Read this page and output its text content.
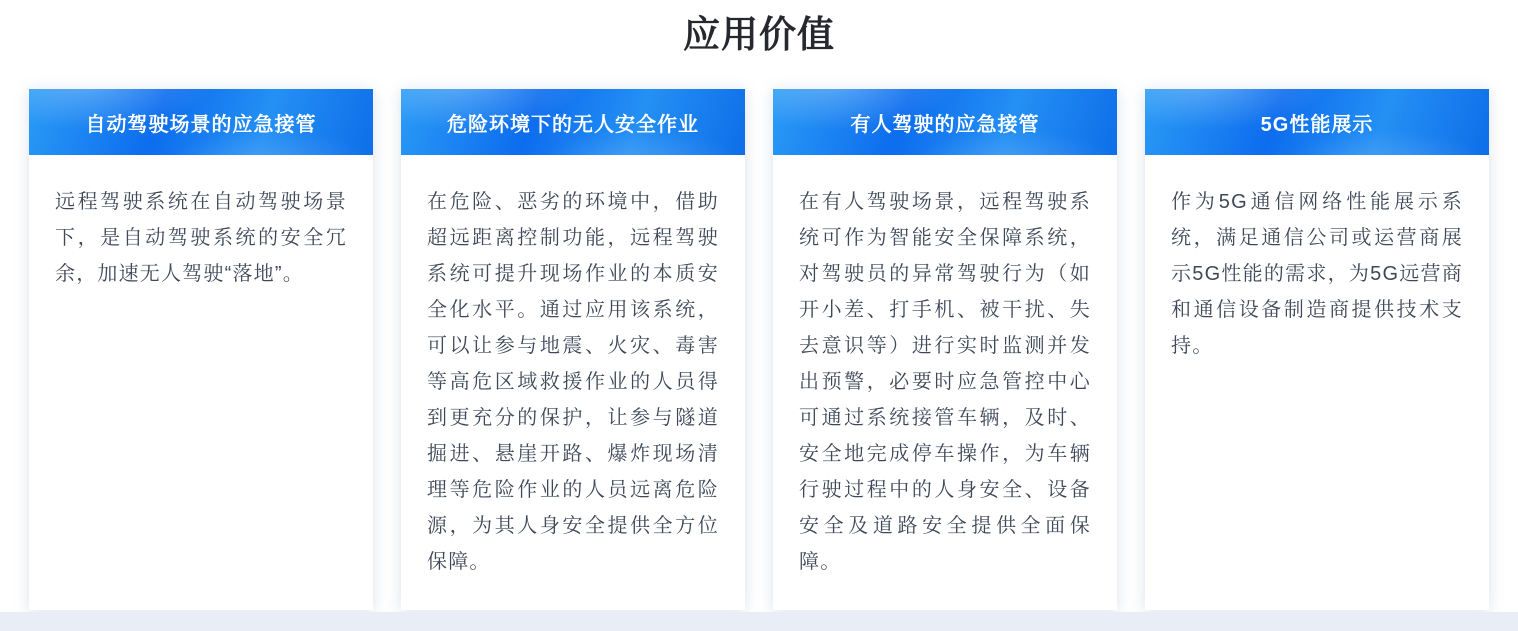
应用价值
自动驾驶场景的应急接管
远程驾驶系统在自动驾驶场景下，是自动驾驶系统的安全冗余，加速无人驾驶“落地”。
危险环境下的无人安全作业
在危险、恶劣的环境中，借助超远距离控制功能，远程驾驶系统可提升现场作业的本质安全化水平。通过应用该系统，可以让参与地震、火灾、毒害等高危区域救援作业的人员得到更充分的保护，让参与隧道掘进、悬崖开路、爆炸现场清理等危险作业的人员远离危险源，为其人身安全提供全方位保障。
有人驾驶的应急接管
在有人驾驶场景，远程驾驶系统可作为智能安全保障系统，对驾驶员的异常驾驶行为（如开小差、打手机、被干扰、失去意识等）进行实时监测并发出预警，必要时应急管控中心可通过系统接管车辆，及时、安全地完成停车操作，为车辆行驶过程中的人身安全、设备安全及道路安全提供全面保障。
5G性能展示
作为5G通信网络性能展示系统，满足通信公司或运营商展示5G性能的需求，为5G远营商和通信设备制造商提供技术支持。
